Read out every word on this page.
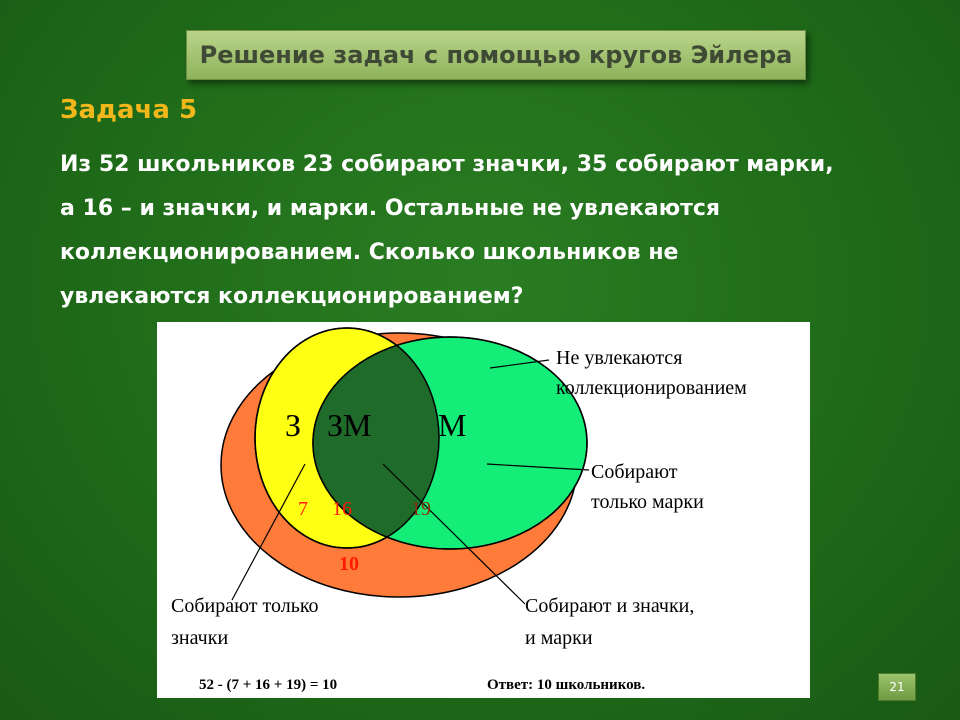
Решение задач с помощью кругов Эйлера
Задача 5
Из 52 школьников 23 собирают значки, 35 собирают марки,
а 16 – и значки, и марки. Остальные не увлекаются
коллекционированием. Сколько школьников не
увлекаются коллекционированием?
З ЗМ М
7 16	19
10
Не увлекаются
коллекционированием
Собирают
только марки
Собирают только
значки
Собирают и значки,
и марки
52 - (7 + 16 + 19) = 10	Ответ: 10 школьников.	21
